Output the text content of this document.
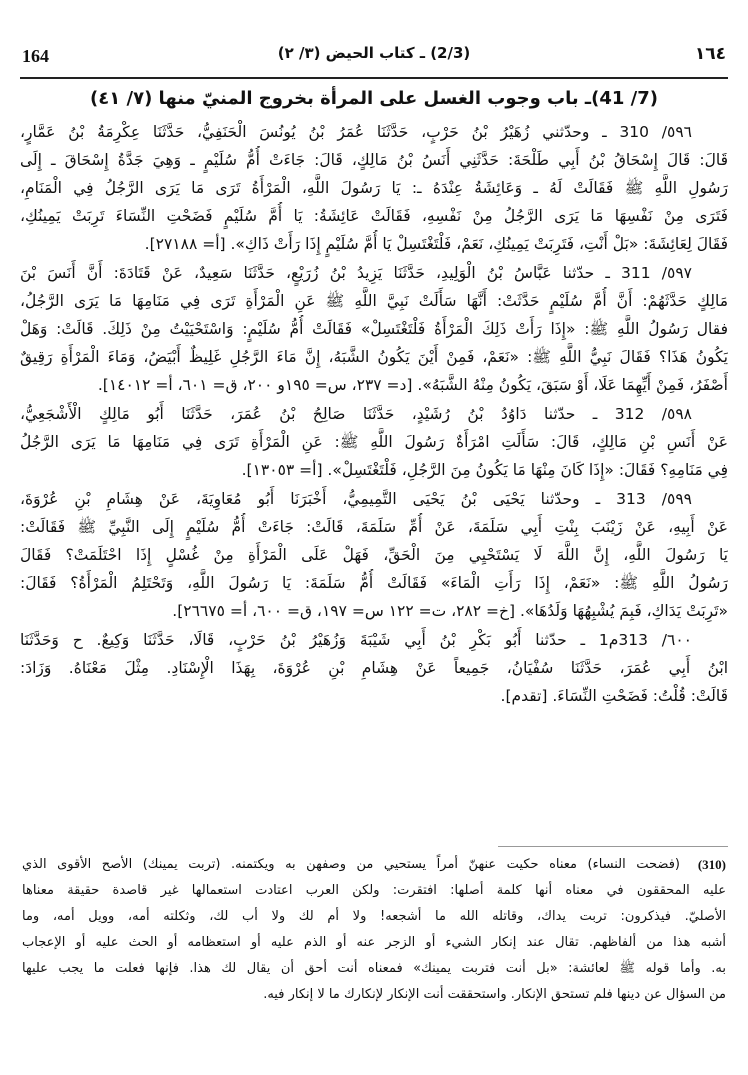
164	(2/3) ـ كتاب الحيض (٣/ ٢)	١٦٤
(7/ 41)ـ باب وجوب الغسل على المرأة بخروج المنيّ منها (٧/ ٤١)
٥٩٦/ 310 ـ وحدّثني زُهَيْرُ بْنُ حَرْبٍ، حَدَّثَنَا عُمَرُ بْنُ يُونُسَ الْحَنَفِيُّ، حَدَّثَنَا عِكْرِمَةُ بْنُ عَمَّارٍ،
قَالَ: قَالَ إِسْحَاقُ بْنُ أَبِي طَلْحَةَ: حَدَّثَنِي أَنَسُ بْنُ مَالِكٍ، قَالَ: جَاءَتْ أُمُّ سُلَيْمٍ ـ وَهِيَ جَدَّةُ إِسْحَاقَ ـ إِلَى
رَسُولِ اللَّهِ ﷺ فَقَالَتْ لَهُ ـ وَعَائِشَةُ عِنْدَهُ ـ: يَا رَسُولَ اللَّهِ، الْمَرْأَةُ تَرَى مَا يَرَى الرَّجُلُ فِي الْمَنَامِ،
فَتَرَى مِنْ نَفْسِهَا مَا يَرَى الرَّجُلُ مِنْ نَفْسِهِ، فَقَالَتْ عَائِشَةُ: يَا أُمَّ سُلَيْمٍ فَضَحْتِ النِّسَاءَ تَرِبَتْ يَمِينُكِ،
فَقَالَ لِعَائِشَةَ: «بَلْ أَنْتِ، فَتَرِبَتْ يَمِينُكِ، نَعَمْ، فَلْتَغْتَسِلْ يَا أُمَّ سُلَيْمٍ إِذَا رَأَتْ ذَاكِ». [أ= ٢٧١٨٨].
٥٩٧/ 311 ـ حدّثنا عَبَّاسُ بْنُ الْوَلِيدِ، حَدَّثَنَا يَزِيدُ بْنُ زُرَيْعٍ، حَدَّثَنَا سَعِيدٌ، عَنْ قَتَادَةَ: أَنَّ أَنَسَ بْنَ
مَالِكٍ حَدَّثَهُمْ: أَنَّ أُمَّ سُلَيْمٍ حَدَّثَتْ: أَنَّهَا سَأَلَتْ نَبِيَّ اللَّهِ ﷺ عَنِ الْمَرْأَةِ تَرَى فِي مَنَامِهَا مَا يَرَى الرَّجُلُ،
فقال رَسُولُ اللَّهِ ﷺ: «إِذَا رَأَتْ ذَلِكَ الْمَرْأَةُ فَلْتَغْتَسِلْ» فَقَالَتْ أُمُّ سُلَيْمٍ: وَاسْتَحْيَيْتُ مِنْ ذَلِكَ. قَالَتْ: وَهَلْ
يَكُونُ هَذَا؟ فَقَالَ نَبِيُّ اللَّهِ ﷺ: «نَعَمْ، فَمِنْ أَيْنَ يَكُونُ الشَّبَهُ، إِنَّ مَاءَ الرَّجُلِ غَلِيظٌ أَبْيَضُ، وَمَاءَ الْمَرْأَةِ رَقِيقٌ
أَصْفَرُ، فَمِنْ أَيِّهِمَا عَلَا، أَوْ سَبَقَ، يَكُونُ مِنْهُ الشَّبَهُ». [د= ٢٣٧، س= ١٩٥و ٢٠٠، ق= ٦٠١، أ= ١٤٠١٢].
٥٩٨/ 312 ـ حدّثنا دَاوُدُ بْنُ رُشَيْدٍ، حَدَّثَنَا صَالِحُ بْنُ عُمَرَ، حَدَّثَنَا أَبُو مَالِكٍ الْأَشْجَعِيُّ،
عَنْ أَنَسِ بْنِ مَالِكٍ، قَالَ: سَأَلَتِ امْرَأَةٌ رَسُولَ اللَّهِ ﷺ: عَنِ الْمَرْأَةِ تَرَى فِي مَنَامِهَا مَا يَرَى الرَّجُلُ
فِي مَنَامِهِ؟ فَقَالَ: «إِذَا كَانَ مِنْهَا مَا يَكُونُ مِنَ الرَّجُلِ، فَلْتَغْتَسِلْ». [أ= ١٣٠٥٣].
٥٩٩/ 313 ـ وحدّثنا يَحْيَى بْنُ يَحْيَى التَّمِيمِيُّ، أَخْبَرَنَا أَبُو مُعَاوِيَةَ، عَنْ هِشَامِ بْنِ عُرْوَةَ،
عَنْ أَبِيهِ، عَنْ زَيْنَبَ بِنْتِ أَبِي سَلَمَةَ، عَنْ أُمِّ سَلَمَةَ، قَالَتْ: جَاءَتْ أُمُّ سُلَيْمٍ إِلَى النَّبِيِّ ﷺ فَقَالَتْ:
يَا رَسُولَ اللَّهِ، إِنَّ اللَّهَ لَا يَسْتَحْيِي مِنَ الْحَقِّ، فَهَلْ عَلَى الْمَرْأَةِ مِنْ غُسْلٍ إِذَا احْتَلَمَتْ؟ فَقَالَ
رَسُولُ اللَّهِ ﷺ: «نَعَمْ، إِذَا رَأَتِ الْمَاءَ» فَقَالَتْ أُمُّ سَلَمَةَ: يَا رَسُولَ اللَّهِ، وَتَحْتَلِمُ الْمَرْأَةُ؟ فَقَالَ:
«تَرِبَتْ يَدَاكِ، فَبِمَ يُشْبِهُهَا وَلَدُهَا». [خ= ٢٨٢، ت= ١٢٢ س= ١٩٧، ق= ٦٠٠، أ= ٢٦٦٧٥].
٦٠٠/ 313م1 ـ حدّثنا أَبُو بَكْرِ بْنُ أَبِي شَيْبَةَ وَزُهَيْرُ بْنُ حَرْبٍ، قَالَا، حَدَّثَنَا وَكِيعٌ. ح وَحَدَّثَنَا
ابْنُ أَبِي عُمَرَ، حَدَّثَنَا سُفْيَانُ، جَمِيعاً عَنْ هِشَامِ بْنِ عُرْوَةَ، بِهَذَا الْإِسْنَادِ. مِثْلَ مَعْنَاهُ. وَزَادَ:
قَالَتْ: قُلْتُ: فَضَحْتِ النِّسَاءَ. [تقدم].
(فضحت النساء) معناه حكيت عنهنّ أمراً يستحيي من وصفهن به ويكتمنه. (تربت يمينك) الأصح الأقوى الذي (310)
عليه المحققون في معناه أنها كلمة أصلها: افتقرت: ولكن العرب اعتادت استعمالها غير قاصدة حقيقة معناها
الأصليّ. فيذكرون: تربت يداك، وقاتله الله ما أشجعه! ولا أم لك ولا أب لك، وثكلته أمه، وويل أمه، وما
أشبه هذا من ألفاظهم. تقال عند إنكار الشيء أو الزجر عنه أو الذم عليه أو استعظامه أو الحث عليه أو الإعجاب
به. وأما قوله ﷺ لعائشة: «بل أنت فتربت يمينك» فمعناه أنت أحق أن يقال لك هذا. فإنها فعلت ما يجب عليها
من السؤال عن دينها فلم تستحق الإنكار. واستحققت أنت الإنكار لإنكارك ما لا إنكار فيه.
